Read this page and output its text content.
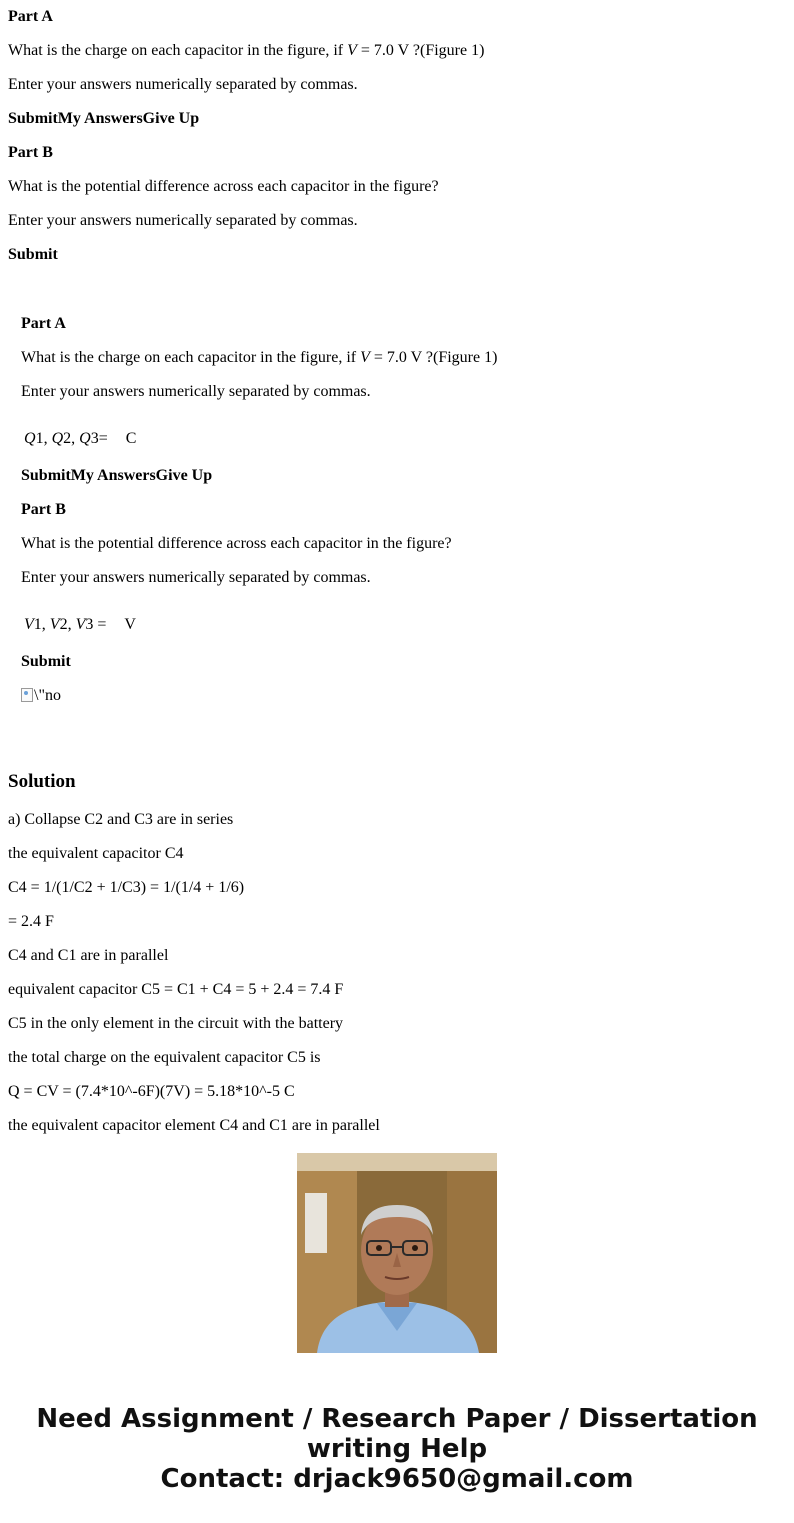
Part A
What is the charge on each capacitor in the figure, if V = 7.0 V ?(Figure 1)
Enter your answers numerically separated by commas.
SubmitMy AnswersGive Up
Part B
What is the potential difference across each capacitor in the figure?
Enter your answers numerically separated by commas.
Submit
Part A
What is the charge on each capacitor in the figure, if V = 7.0 V ?(Figure 1)
Enter your answers numerically separated by commas.
Q1, Q2, Q3= C
SubmitMy AnswersGive Up
Part B
What is the potential difference across each capacitor in the figure?
Enter your answers numerically separated by commas.
V1, V2, V3 = V
Submit
\"no
Solution
a) Collapse C2 and C3 are in series
the equivalent capacitor C4
C4 = 1/(1/C2 + 1/C3) = 1/(1/4 + 1/6)
= 2.4 F
C4 and C1 are in parallel
equivalent capacitor C5 = C1 + C4 = 5 + 2.4 = 7.4 F
C5 in the only element in the circuit with the battery
the total charge on the equivalent capacitor C5 is
Q = CV = (7.4*10^-6F)(7V) = 5.18*10^-5 C
the equivalent capacitor element C4 and C1 are in parallel
Need Assignment / Research Paper / Dissertation
writing Help
Contact: drjack9650@gmail.com
